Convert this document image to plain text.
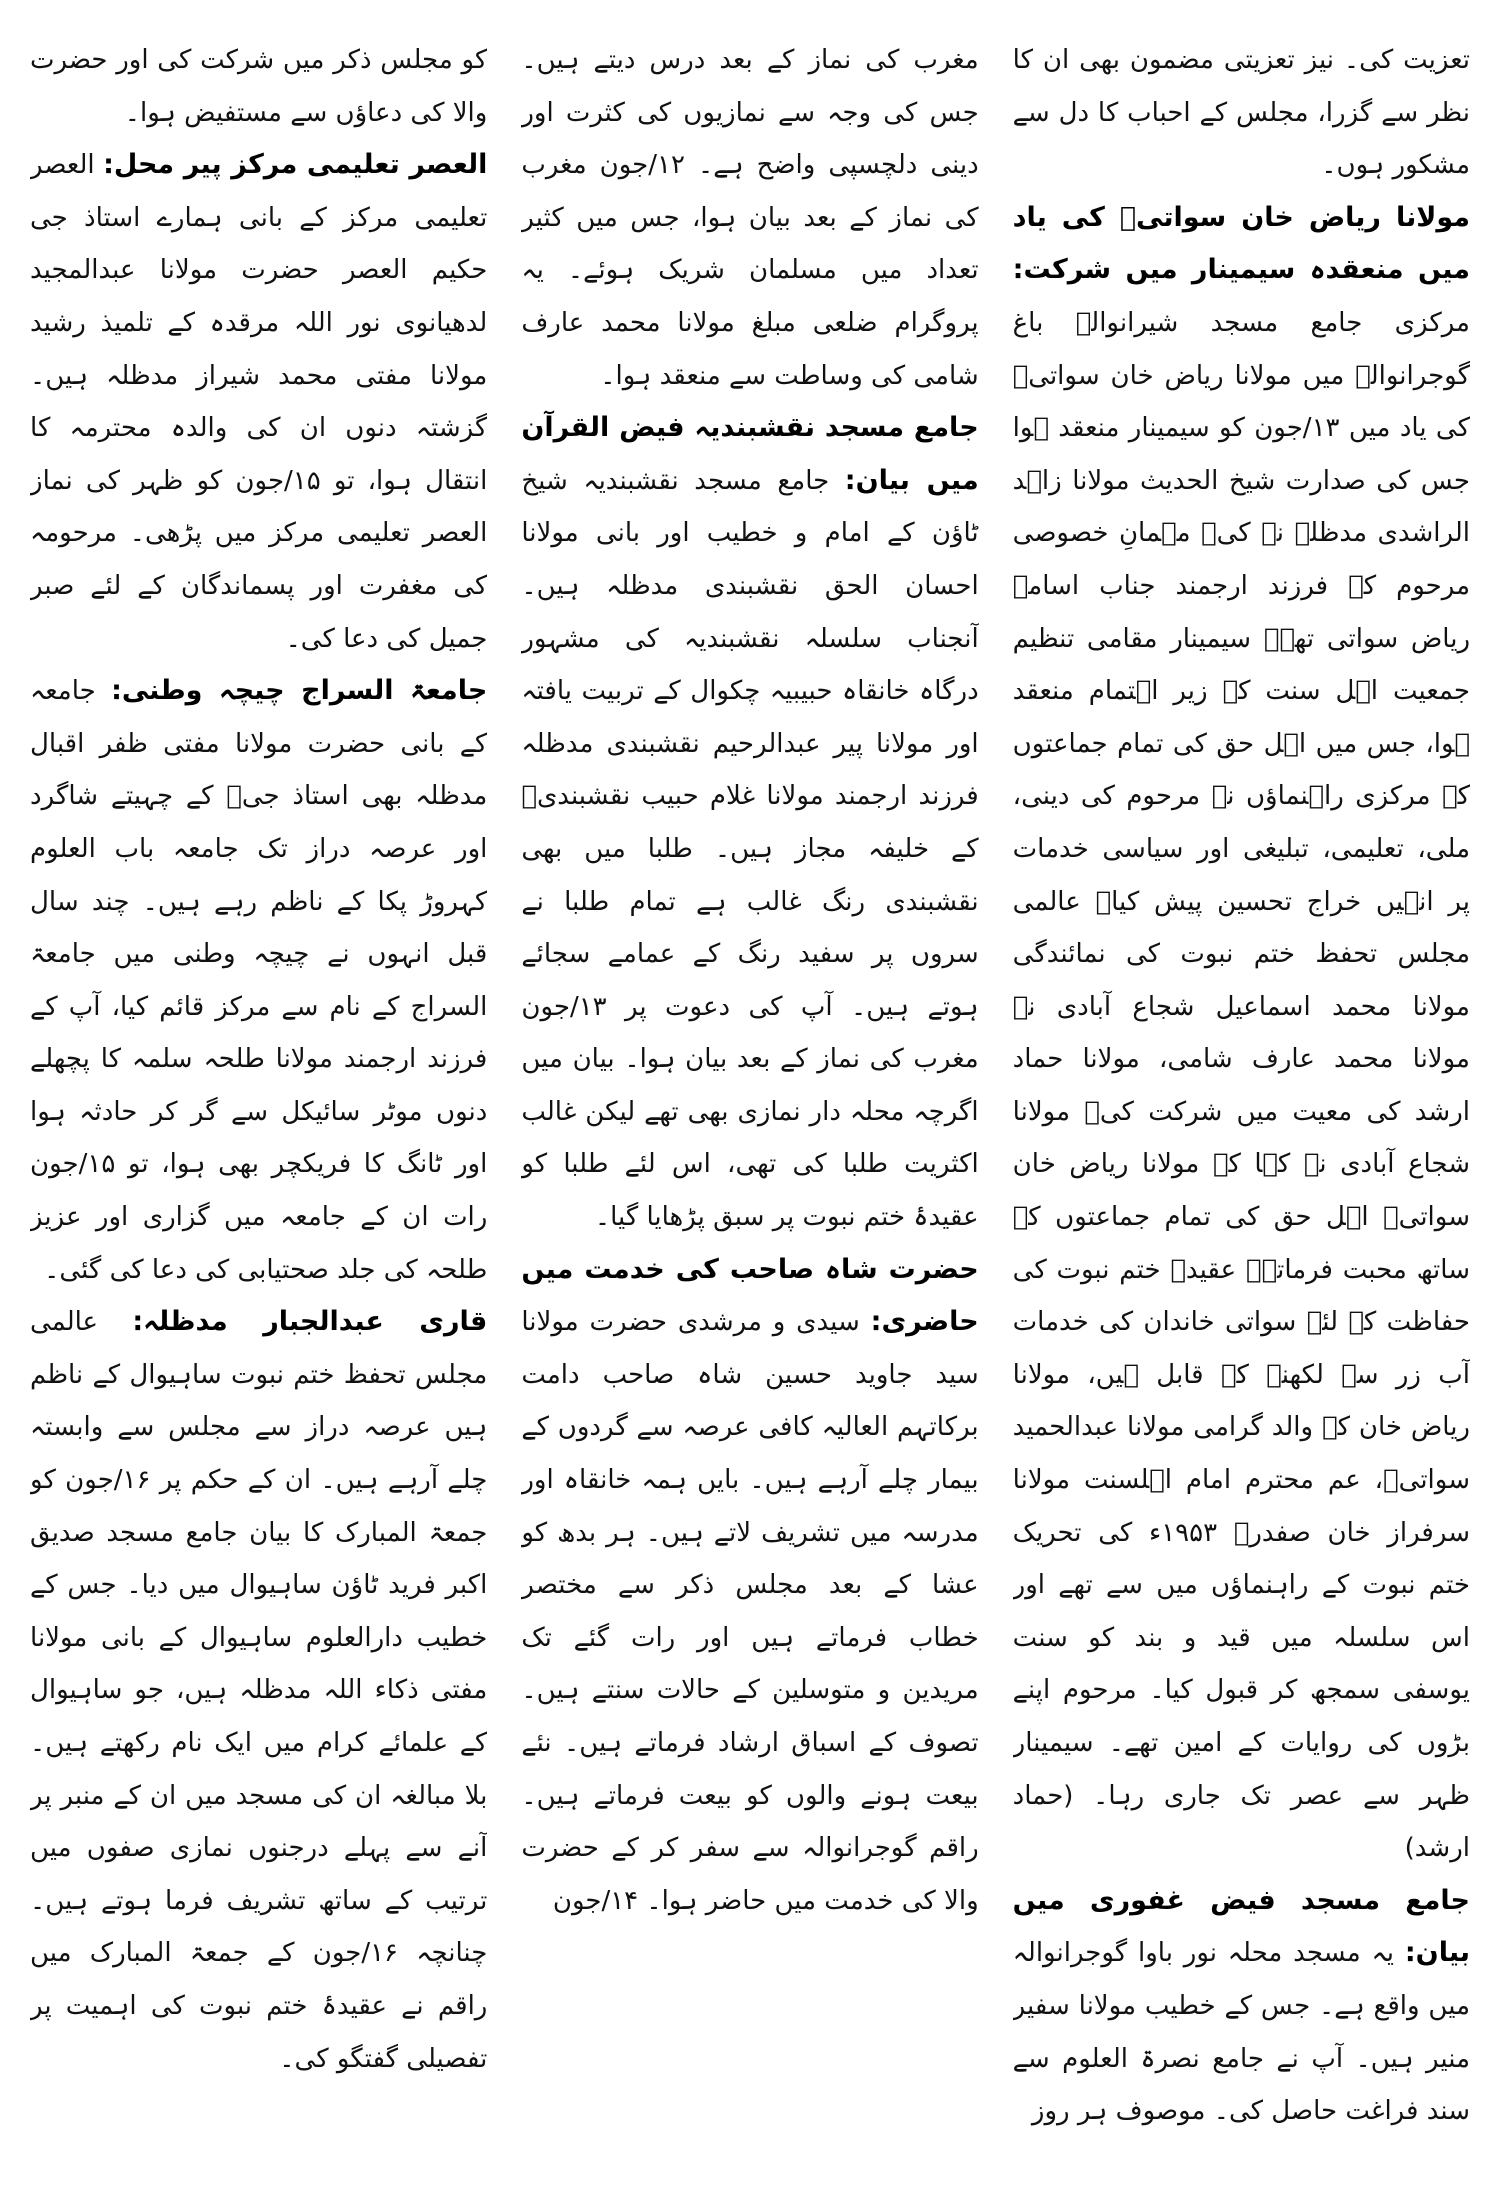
تعزیت کی۔ نیز تعزیتی مضمون بھی ان کا نظر سے گزرا، مجلس کے احباب کا دل سے مشکور ہوں۔

مولانا ریاض خان سواتیؒ کی یاد میں منعقدہ سیمینار میں شرکت: مرکزی جامع مسجد شیرانوالہ باغ گوجرانوالہ میں مولانا ریاض خان سواتیؒ کی یاد میں ۱۳/جون کو سیمینار منعقد ہوا جس کی صدارت شیخ الحدیث مولانا زاہد الراشدی مدظلہ نے کی۔ مہمانِ خصوصی مرحوم کے فرزند ارجمند جناب اسامہ ریاض سواتی تھے۔ سیمینار مقامی تنظیم جمعیت اہل سنت کے زیر اہتمام منعقد ہوا، جس میں اہل حق کی تمام جماعتوں کے مرکزی راہنماؤں نے مرحوم کی دینی، ملی، تعلیمی، تبلیغی اور سیاسی خدمات پر انہیں خراج تحسین پیش کیا۔ عالمی مجلس تحفظ ختم نبوت کی نمائندگی مولانا محمد اسماعیل شجاع آبادی نے مولانا محمد عارف شامی، مولانا حماد ارشد کی معیت میں شرکت کی۔ مولانا شجاع آبادی نے کہا کہ مولانا ریاض خان سواتیؒ اہل حق کی تمام جماعتوں کے ساتھ محبت فرماتے۔ عقیدۂ ختم نبوت کی حفاظت کے لئے سواتی خاندان کی خدمات آب زر سے لکھنے کے قابل ہیں، مولانا ریاض خان کے والد گرامی مولانا عبدالحمید سواتیؒ، عم محترم امام اہلسنت مولانا سرفراز خان صفدرؒ ۱۹۵۳ء کی تحریک ختم نبوت کے راہنماؤں میں سے تھے اور اس سلسلہ میں قید و بند کو سنت یوسفی سمجھ کر قبول کیا۔ مرحوم اپنے بڑوں کی روایات کے امین تھے۔ سیمینار ظہر سے عصر تک جاری رہا۔ (حماد ارشد)

جامع مسجد فیض غفوری میں بیان: یہ مسجد محلہ نور باوا گوجرانوالہ میں واقع ہے۔ جس کے خطیب مولانا سفیر منیر ہیں۔ آپ نے جامع نصرۃ العلوم سے سند فراغت حاصل کی۔ موصوف ہر روز

مغرب کی نماز کے بعد درس دیتے ہیں۔ جس کی وجہ سے نمازیوں کی کثرت اور دینی دلچسپی واضح ہے۔ ۱۲/جون مغرب کی نماز کے بعد بیان ہوا، جس میں کثیر تعداد میں مسلمان شریک ہوئے۔ یہ پروگرام ضلعی مبلغ مولانا محمد عارف شامی کی وساطت سے منعقد ہوا۔

جامع مسجد نقشبندیہ فیض القرآن میں بیان: جامع مسجد نقشبندیہ شیخ ٹاؤن کے امام و خطیب اور بانی مولانا احسان الحق نقشبندی مدظلہ ہیں۔ آنجناب سلسلہ نقشبندیہ کی مشہور درگاہ خانقاہ حبیبیہ چکوال کے تربیت یافتہ اور مولانا پیر عبدالرحیم نقشبندی مدظلہ فرزند ارجمند مولانا غلام حبیب نقشبندیؒ کے خلیفہ مجاز ہیں۔ طلبا میں بھی نقشبندی رنگ غالب ہے تمام طلبا نے سروں پر سفید رنگ کے عمامے سجائے ہوتے ہیں۔ آپ کی دعوت پر ۱۳/جون مغرب کی نماز کے بعد بیان ہوا۔ بیان میں اگرچہ محلہ دار نمازی بھی تھے لیکن غالب اکثریت طلبا کی تھی، اس لئے طلبا کو عقیدۂ ختم نبوت پر سبق پڑھایا گیا۔

حضرت شاہ صاحب کی خدمت میں حاضری: سیدی و مرشدی حضرت مولانا سید جاوید حسین شاہ صاحب دامت برکاتہم العالیہ کافی عرصہ سے گردوں کے بیمار چلے آرہے ہیں۔ بایں ہمہ خانقاہ اور مدرسہ میں تشریف لاتے ہیں۔ ہر بدھ کو عشا کے بعد مجلس ذکر سے مختصر خطاب فرماتے ہیں اور رات گئے تک مریدین و متوسلین کے حالات سنتے ہیں۔ تصوف کے اسباق ارشاد فرماتے ہیں۔ نئے بیعت ہونے والوں کو بیعت فرماتے ہیں۔ راقم گوجرانوالہ سے سفر کر کے حضرت والا کی خدمت میں حاضر ہوا۔ ۱۴/جون

کو مجلس ذکر میں شرکت کی اور حضرت والا کی دعاؤں سے مستفیض ہوا۔

العصر تعلیمی مرکز پیر محل: العصر تعلیمی مرکز کے بانی ہمارے استاذ جی حکیم العصر حضرت مولانا عبدالمجید لدھیانوی نور اللہ مرقدہ کے تلمیذ رشید مولانا مفتی محمد شیراز مدظلہ ہیں۔ گزشتہ دنوں ان کی والدہ محترمہ کا انتقال ہوا، تو ۱۵/جون کو ظہر کی نماز العصر تعلیمی مرکز میں پڑھی۔ مرحومہ کی مغفرت اور پسماندگان کے لئے صبر جمیل کی دعا کی۔

جامعۃ السراج چیچہ وطنی: جامعہ کے بانی حضرت مولانا مفتی ظفر اقبال مدظلہ بھی استاذ جیؒ کے چہیتے شاگرد اور عرصہ دراز تک جامعہ باب العلوم کہروڑ پکا کے ناظم رہے ہیں۔ چند سال قبل انہوں نے چیچہ وطنی میں جامعۃ السراج کے نام سے مرکز قائم کیا، آپ کے فرزند ارجمند مولانا طلحہ سلمہ کا پچھلے دنوں موٹر سائیکل سے گر کر حادثہ ہوا اور ٹانگ کا فریکچر بھی ہوا، تو ۱۵/جون رات ان کے جامعہ میں گزاری اور عزیز طلحہ کی جلد صحتیابی کی دعا کی گئی۔

قاری عبدالجبار مدظلہ: عالمی مجلس تحفظ ختم نبوت ساہیوال کے ناظم ہیں عرصہ دراز سے مجلس سے وابستہ چلے آرہے ہیں۔ ان کے حکم پر ۱۶/جون کو جمعۃ المبارک کا بیان جامع مسجد صدیق اکبر فرید ٹاؤن ساہیوال میں دیا۔ جس کے خطیب دارالعلوم ساہیوال کے بانی مولانا مفتی ذکاء اللہ مدظلہ ہیں، جو ساہیوال کے علمائے کرام میں ایک نام رکھتے ہیں۔ بلا مبالغہ ان کی مسجد میں ان کے منبر پر آنے سے پہلے درجنوں نمازی صفوں میں ترتیب کے ساتھ تشریف فرما ہوتے ہیں۔ چنانچہ ۱۶/جون کے جمعۃ المبارک میں راقم نے عقیدۂ ختم نبوت کی اہمیت پر تفصیلی گفتگو کی۔
